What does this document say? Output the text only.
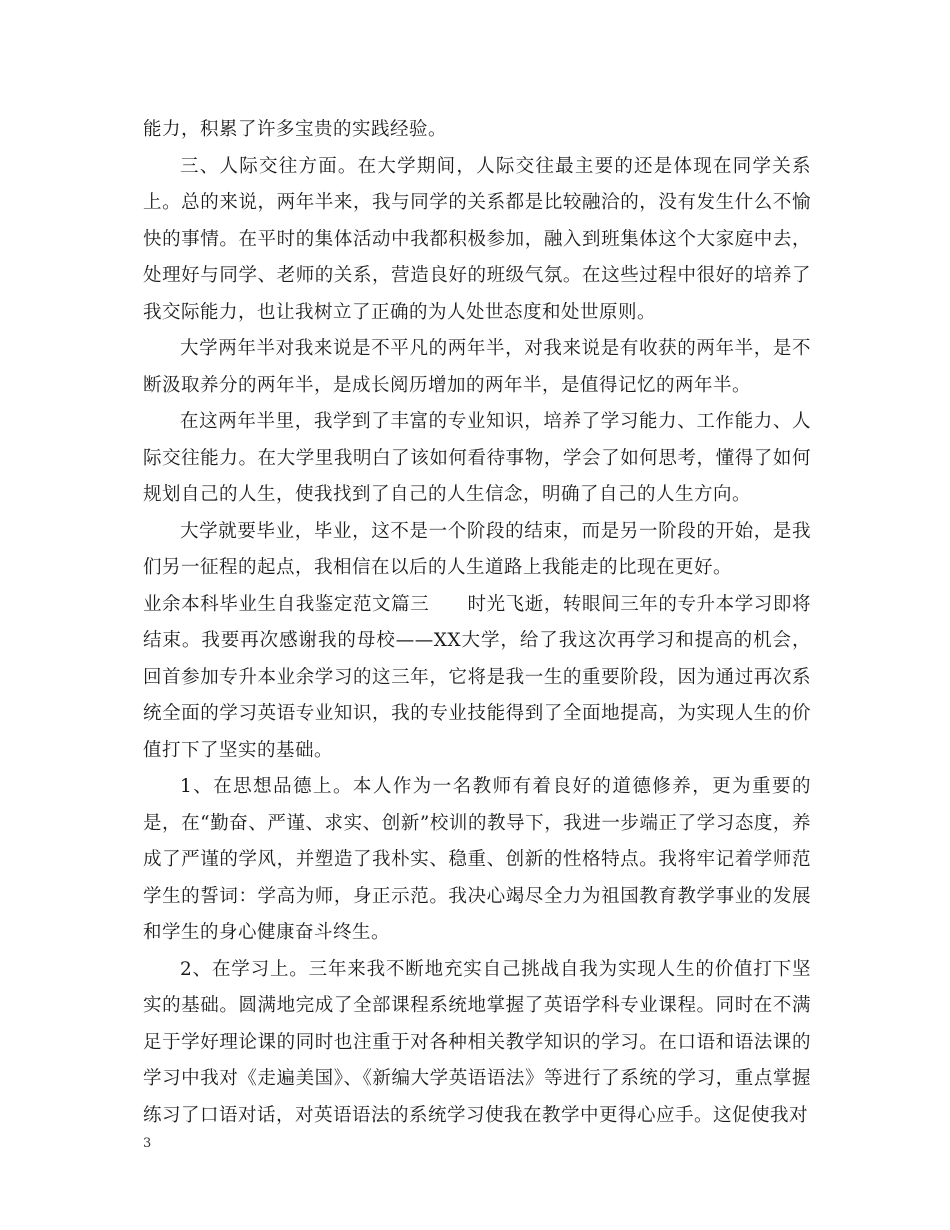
能力，积累了许多宝贵的实践经验。

三、人际交往方面。在大学期间，人际交往最主要的还是体现在同学关系上。总的来说，两年半来，我与同学的关系都是比较融洽的，没有发生什么不愉快的事情。在平时的集体活动中我都积极参加，融入到班集体这个大家庭中去，处理好与同学、老师的关系，营造良好的班级气氛。在这些过程中很好的培养了我交际能力，也让我树立了正确的为人处世态度和处世原则。

大学两年半对我来说是不平凡的两年半，对我来说是有收获的两年半，是不断汲取养分的两年半，是成长阅历增加的两年半，是值得记忆的两年半。

在这两年半里，我学到了丰富的专业知识，培养了学习能力、工作能力、人际交往能力。在大学里我明白了该如何看待事物，学会了如何思考，懂得了如何规划自己的人生，使我找到了自己的人生信念，明确了自己的人生方向。

大学就要毕业，毕业，这不是一个阶段的结束，而是另一阶段的开始，是我们另一征程的起点，我相信在以后的人生道路上我能走的比现在更好。

业余本科毕业生自我鉴定范文篇三　　时光飞逝，转眼间三年的专升本学习即将结束。我要再次感谢我的母校——XX大学，给了我这次再学习和提高的机会，回首参加专升本业余学习的这三年，它将是我一生的重要阶段，因为通过再次系统全面的学习英语专业知识，我的专业技能得到了全面地提高，为实现人生的价值打下了坚实的基础。

1、在思想品德上。本人作为一名教师有着良好的道德修养，更为重要的是，在“勤奋、严谨、求实、创新”校训的教导下，我进一步端正了学习态度，养成了严谨的学风，并塑造了我朴实、稳重、创新的性格特点。我将牢记着学师范学生的誓词：学高为师，身正示范。我决心竭尽全力为祖国教育教学事业的发展和学生的身心健康奋斗终生。

2、在学习上。三年来我不断地充实自己挑战自我为实现人生的价值打下坚实的基础。圆满地完成了全部课程系统地掌握了英语学科专业课程。同时在不满足于学好理论课的同时也注重于对各种相关教学知识的学习。在口语和语法课的学习中我对《走遍美国》、《新编大学英语语法》等进行了系统的学习，重点掌握练习了口语对话，对英语语法的系统学习使我在教学中更得心应手。这促使我对

3
